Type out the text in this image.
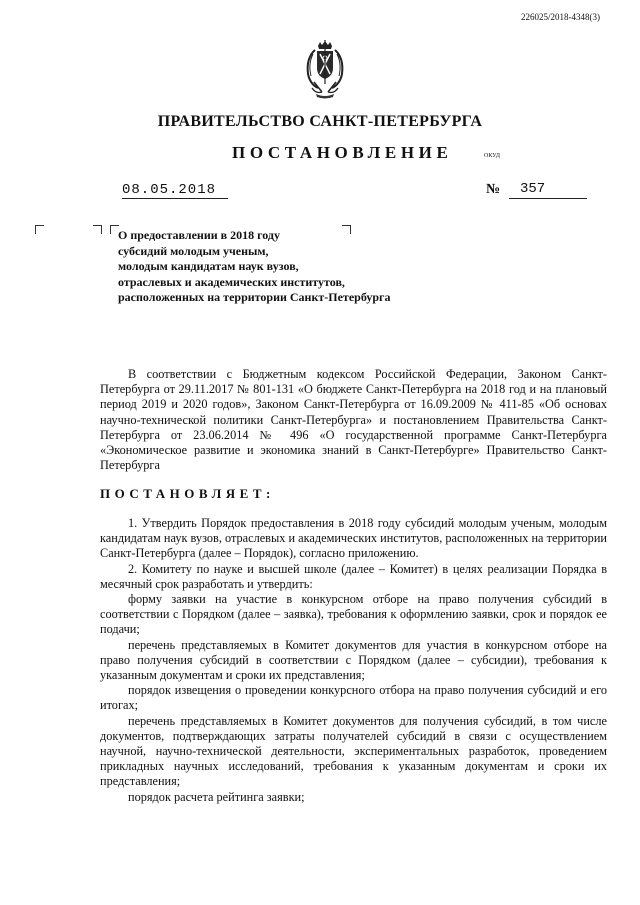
226025/2018-4348(3)
ПРАВИТЕЛЬСТВО САНКТ-ПЕТЕРБУРГА
ПОСТАНОВЛЕНИЕ	ОКУД
08.05.2018	№ 357
О предоставлении в 2018 году
субсидий молодым ученым,
молодым кандидатам наук вузов,
отраслевых и академических институтов,
расположенных на территории Санкт-Петербурга
В соответствии с Бюджетным кодексом Российской Федерации, Законом Санкт-Петербурга от 29.11.2017 № 801-131 «О бюджете Санкт-Петербурга на 2018 год и на плановый период 2019 и 2020 годов», Законом Санкт-Петербурга от 16.09.2009 № 411-85 «Об основах научно-технической политики Санкт-Петербурга» и постановлением Правительства Санкт-Петербурга от 23.06.2014 № 496 «О государственной программе Санкт-Петербурга «Экономическое развитие и экономика знаний в Санкт-Петербурге» Правительство Санкт-Петербурга
ПОСТАНОВЛЯЕТ:

1. Утвердить Порядок предоставления в 2018 году субсидий молодым ученым, молодым кандидатам наук вузов, отраслевых и академических институтов, расположенных на территории Санкт-Петербурга (далее – Порядок), согласно приложению.

2. Комитету по науке и высшей школе (далее – Комитет) в целях реализации Порядка в месячный срок разработать и утвердить:

форму заявки на участие в конкурсном отборе на право получения субсидий в соответствии с Порядком (далее – заявка), требования к оформлению заявки, срок и порядок ее подачи;

перечень представляемых в Комитет документов для участия в конкурсном отборе на право получения субсидий в соответствии с Порядком (далее – субсидии), требования к указанным документам и сроки их представления;

порядок извещения о проведении конкурсного отбора на право получения субсидий и его итогах;

перечень представляемых в Комитет документов для получения субсидий, в том числе документов, подтверждающих затраты получателей субсидий в связи с осуществлением научной, научно-технической деятельности, экспериментальных разработок, проведением прикладных научных исследований, требования к указанным документам и сроки их представления;

порядок расчета рейтинга заявки;
